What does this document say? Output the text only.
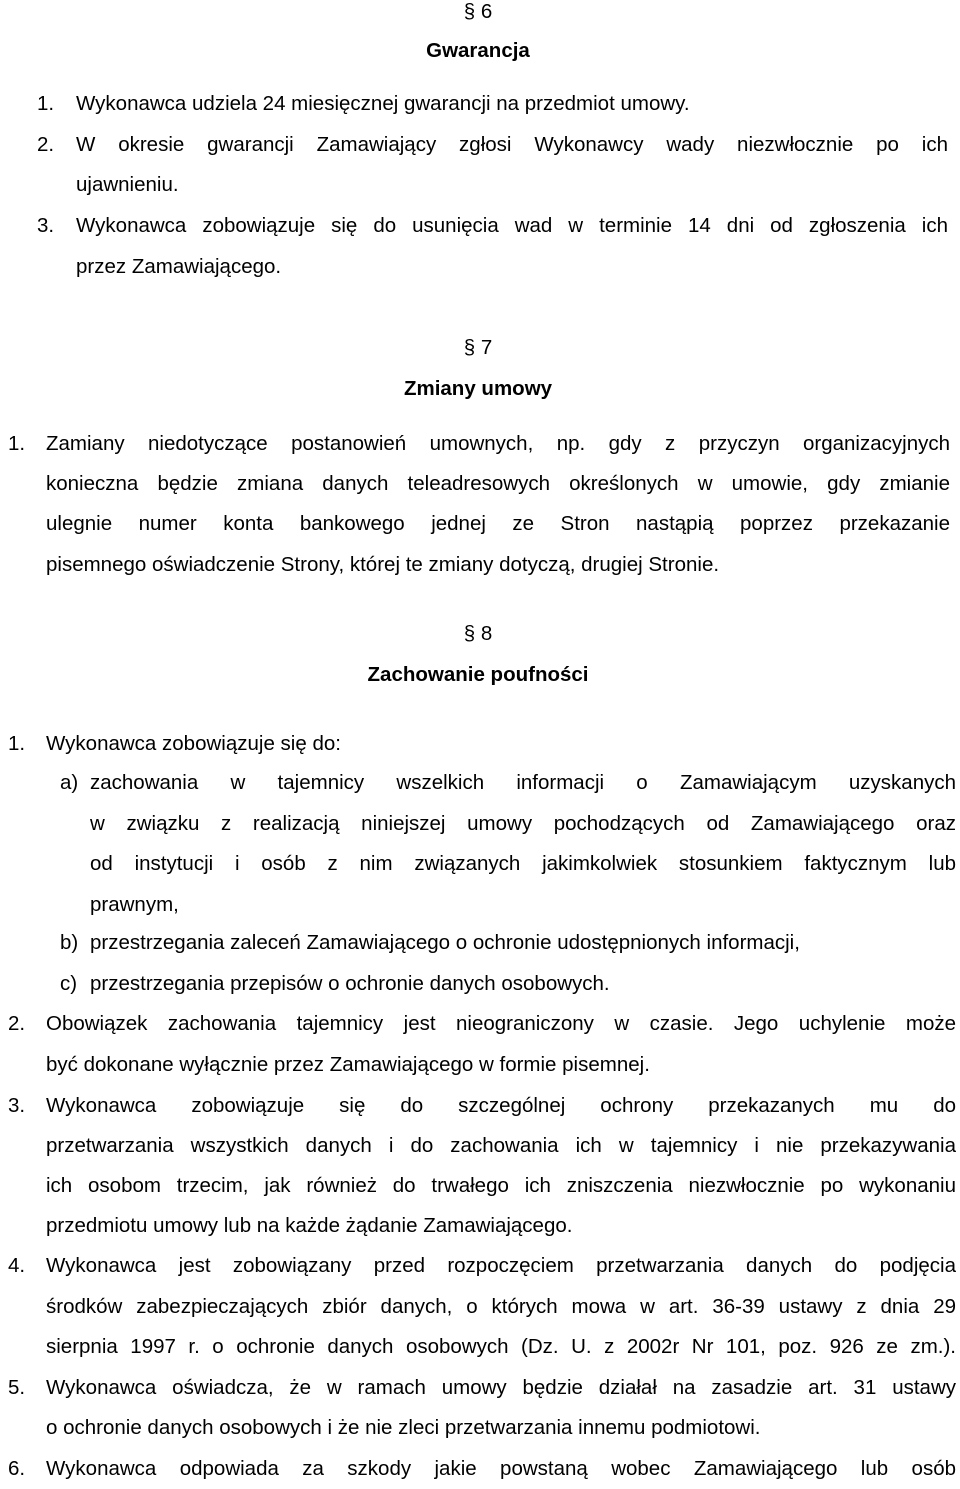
§ 6
Gwarancja
1. Wykonawca udziela 24 miesięcznej gwarancji na przedmiot umowy.
2. W okresie gwarancji Zamawiający zgłosi Wykonawcy wady niezwłocznie po ich
ujawnieniu.
3. Wykonawca zobowiązuje się do usunięcia wad w terminie 14 dni od zgłoszenia ich
przez Zamawiającego.
§ 7
Zmiany umowy
1. Zamiany niedotyczące postanowień umownych, np. gdy z przyczyn organizacyjnych
konieczna będzie zmiana danych teleadresowych określonych w umowie, gdy zmianie
ulegnie numer konta bankowego jednej ze Stron nastąpią poprzez przekazanie
pisemnego oświadczenie Strony, której te zmiany dotyczą, drugiej Stronie.
§ 8
Zachowanie poufności
1. Wykonawca zobowiązuje się do:
a) zachowania w tajemnicy wszelkich informacji o Zamawiającym uzyskanych
w związku z realizacją niniejszej umowy pochodzących od Zamawiającego oraz
od instytucji i osób z nim związanych jakimkolwiek stosunkiem faktycznym lub
prawnym,
b) przestrzegania zaleceń Zamawiającego o ochronie udostępnionych informacji,
c) przestrzegania przepisów o ochronie danych osobowych.
2. Obowiązek zachowania tajemnicy jest nieograniczony w czasie. Jego uchylenie może
być dokonane wyłącznie przez Zamawiającego w formie pisemnej.
3. Wykonawca zobowiązuje się do szczególnej ochrony przekazanych mu do
przetwarzania wszystkich danych i do zachowania ich w tajemnicy i nie przekazywania
ich osobom trzecim, jak również do trwałego ich zniszczenia niezwłocznie po wykonaniu
przedmiotu umowy lub na każde żądanie Zamawiającego.
4. Wykonawca jest zobowiązany przed rozpoczęciem przetwarzania danych do podjęcia
środków zabezpieczających zbiór danych, o których mowa w art. 36-39 ustawy z dnia 29
sierpnia 1997 r. o ochronie danych osobowych (Dz. U. z 2002r Nr 101, poz. 926 ze zm.).
5. Wykonawca oświadcza, że w ramach umowy będzie działał na zasadzie art. 31 ustawy
o ochronie danych osobowych i że nie zleci przetwarzania innemu podmiotowi.
6. Wykonawca odpowiada za szkody jakie powstaną wobec Zamawiającego lub osób
